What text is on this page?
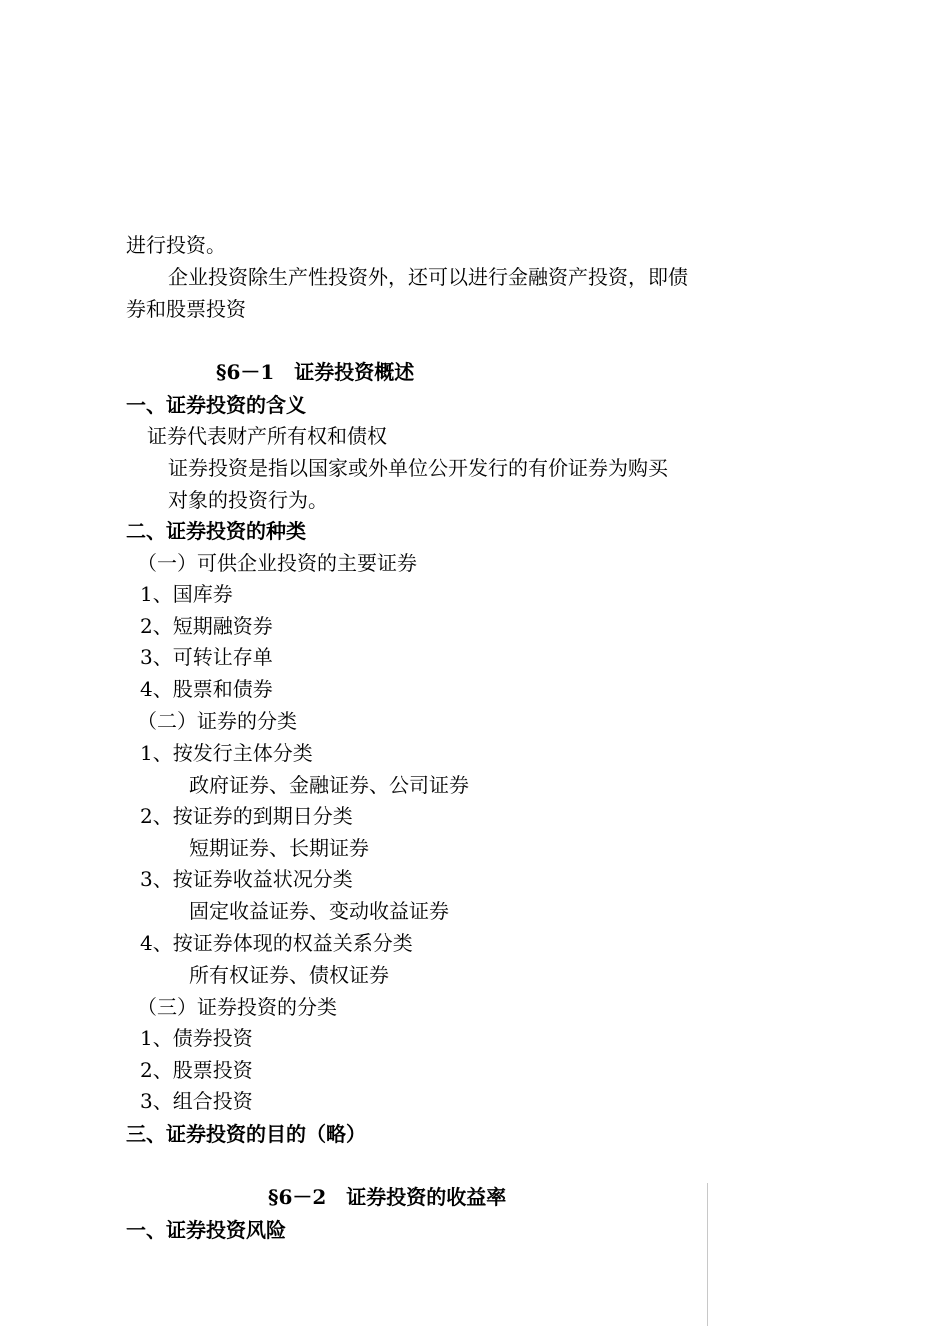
进行投资。
企业投资除生产性投资外，还可以进行金融资产投资，即债
券和股票投资
§6－1　证券投资概述
一、证券投资的含义
证券代表财产所有权和债权
证券投资是指以国家或外单位公开发行的有价证券为购买
对象的投资行为。
二、证券投资的种类
（一）可供企业投资的主要证券
1、国库券
2、短期融资券
3、可转让存单
4、股票和债券
（二）证券的分类
1、按发行主体分类
政府证券、金融证券、公司证券
2、按证券的到期日分类
短期证券、长期证券
3、按证券收益状况分类
固定收益证券、变动收益证券
4、按证券体现的权益关系分类
所有权证券、债权证券
（三）证券投资的分类
1、债券投资
2、股票投资
3、组合投资
三、证券投资的目的（略）
§6－2　证券投资的收益率
一、证券投资风险
